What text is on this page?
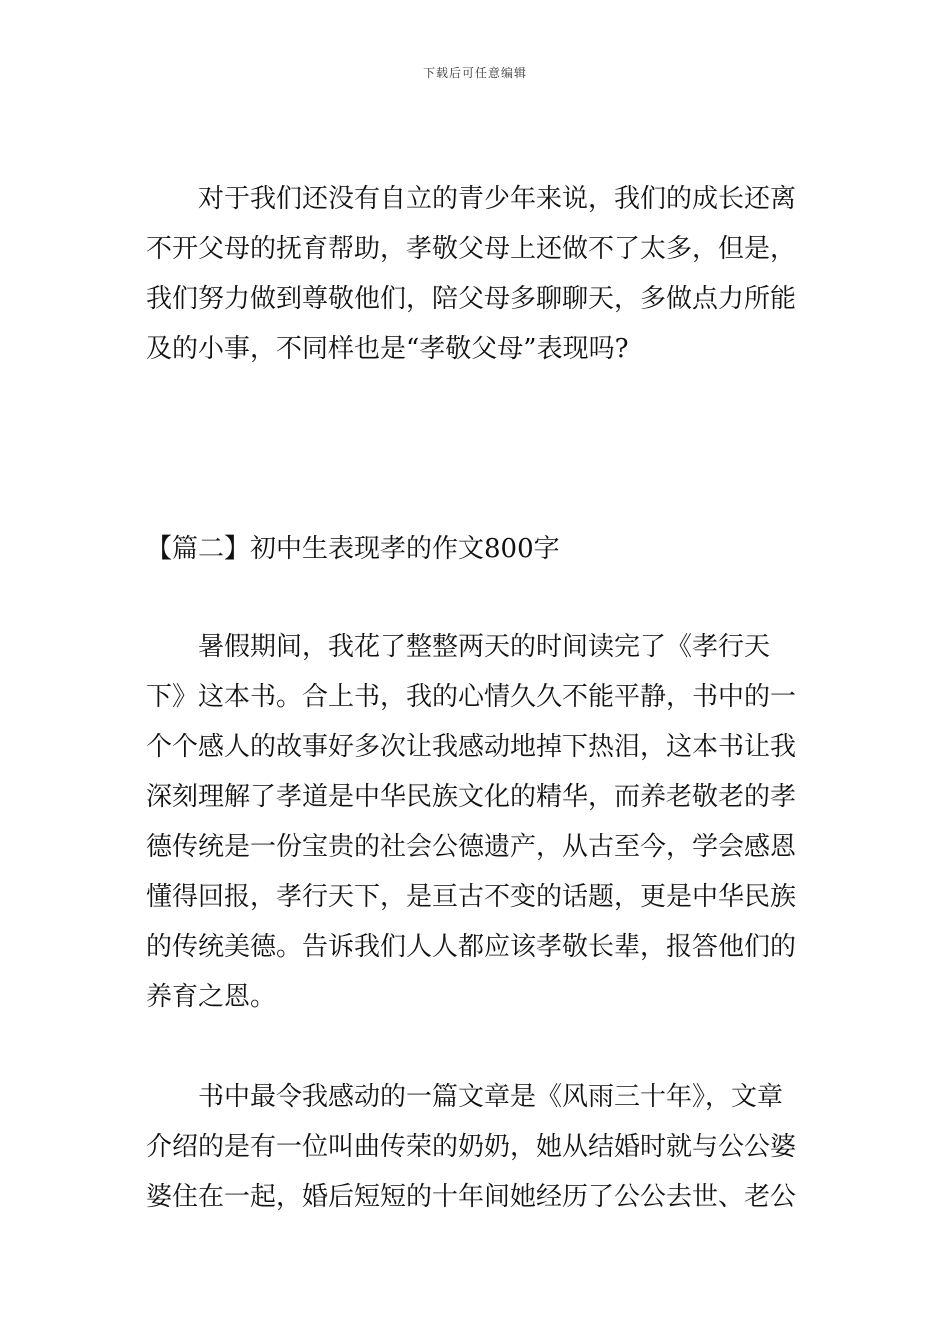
下载后可任意编辑
对于我们还没有自立的青少年来说，我们的成长还离
不开父母的抚育帮助，孝敬父母上还做不了太多，但是，
我们努力做到尊敬他们，陪父母多聊聊天，多做点力所能
及的小事，不同样也是“孝敬父母”表现吗?
【篇二】初中生表现孝的作文800字
暑假期间，我花了整整两天的时间读完了《孝行天
下》这本书。合上书，我的心情久久不能平静，书中的一
个个感人的故事好多次让我感动地掉下热泪，这本书让我
深刻理解了孝道是中华民族文化的精华，而养老敬老的孝
德传统是一份宝贵的社会公德遗产，从古至今，学会感恩
懂得回报，孝行天下，是亘古不变的话题，更是中华民族
的传统美德。告诉我们人人都应该孝敬长辈，报答他们的
养育之恩。
书中最令我感动的一篇文章是《风雨三十年》，文章
介绍的是有一位叫曲传荣的奶奶，她从结婚时就与公公婆
婆住在一起，婚后短短的十年间她经历了公公去世、老公
